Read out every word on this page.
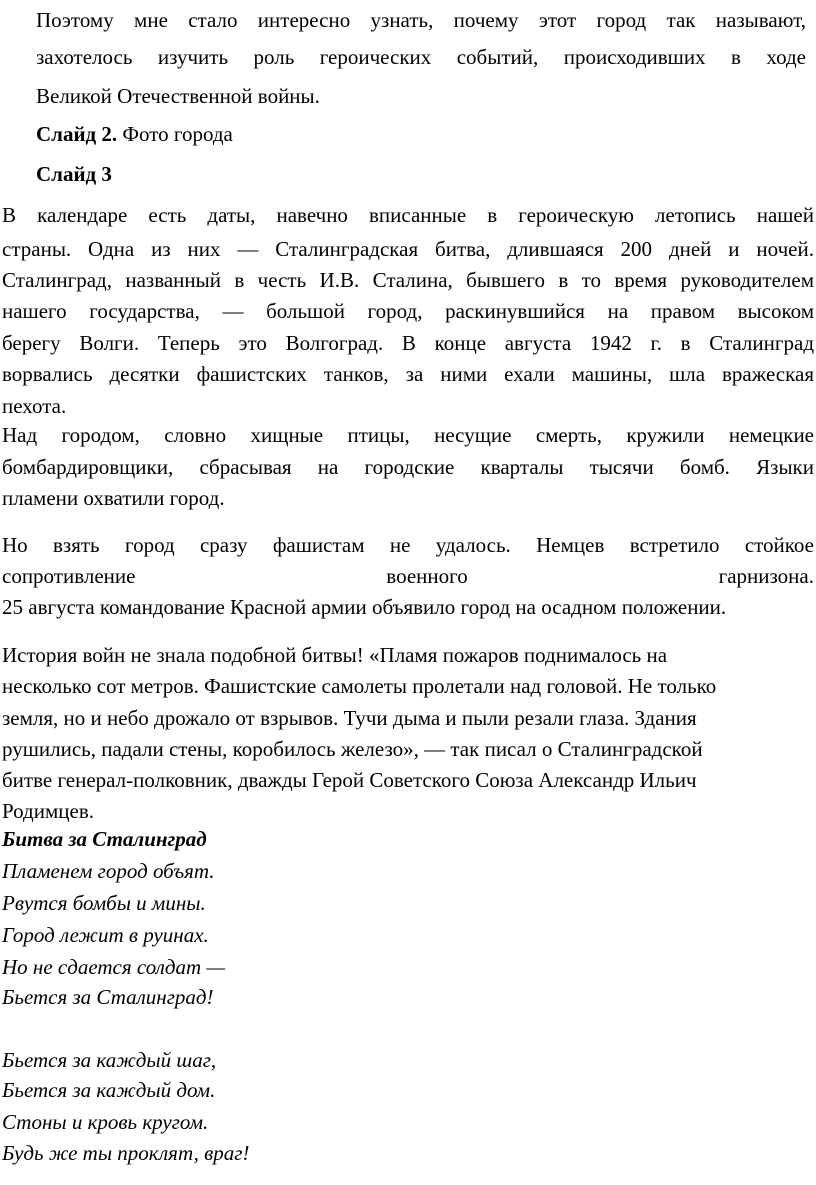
Поэтому мне стало интересно узнать, почему этот город так называют,
захотелось изучить роль героических событий, происходивших в ходе
Великой Отечественной войны.
Слайд 2. Фото города
Слайд 3
В календаре есть даты, навечно вписанные в героическую летопись нашей
страны. Одна из них — Сталинградская битва, длившаяся 200 дней и ночей.
Сталинград, названный в честь И.В. Сталина, бывшего в то время руководителем
нашего государства, — большой город, раскинувшийся на правом высоком
берегу Волги. Теперь это Волгоград. В конце августа 1942 г. в Сталинград
ворвались десятки фашистских танков, за ними ехали машины, шла вражеская
пехота.
Над городом, словно хищные птицы, несущие смерть, кружили немецкие
бомбардировщики, сбрасывая на городские кварталы тысячи бомб. Языки
пламени охватили город.
Но взять город сразу фашистам не удалось. Немцев встретило стойкое
сопротивление военного гарнизона.
25 августа командование Красной армии объявило город на осадном положении.
История войн не знала подобной битвы! «Пламя пожаров поднималось на
несколько сот метров. Фашистские самолеты пролетали над головой. Не только
земля, но и небо дрожало от взрывов. Тучи дыма и пыли резали глаза. Здания
рушились, падали стены, коробилось железо», — так писал о Сталинградской
битве генерал-полковник, дважды Герой Советского Союза Александр Ильич
Родимцев.
Битва за Сталинград
Пламенем город объят.
Рвутся бомбы и мины.
Город лежит в руинах.
Но не сдается солдат —
Бьется за Сталинград!
Бьется за каждый шаг,
Бьется за каждый дом.
Стоны и кровь кругом.
Будь же ты проклят, враг!
